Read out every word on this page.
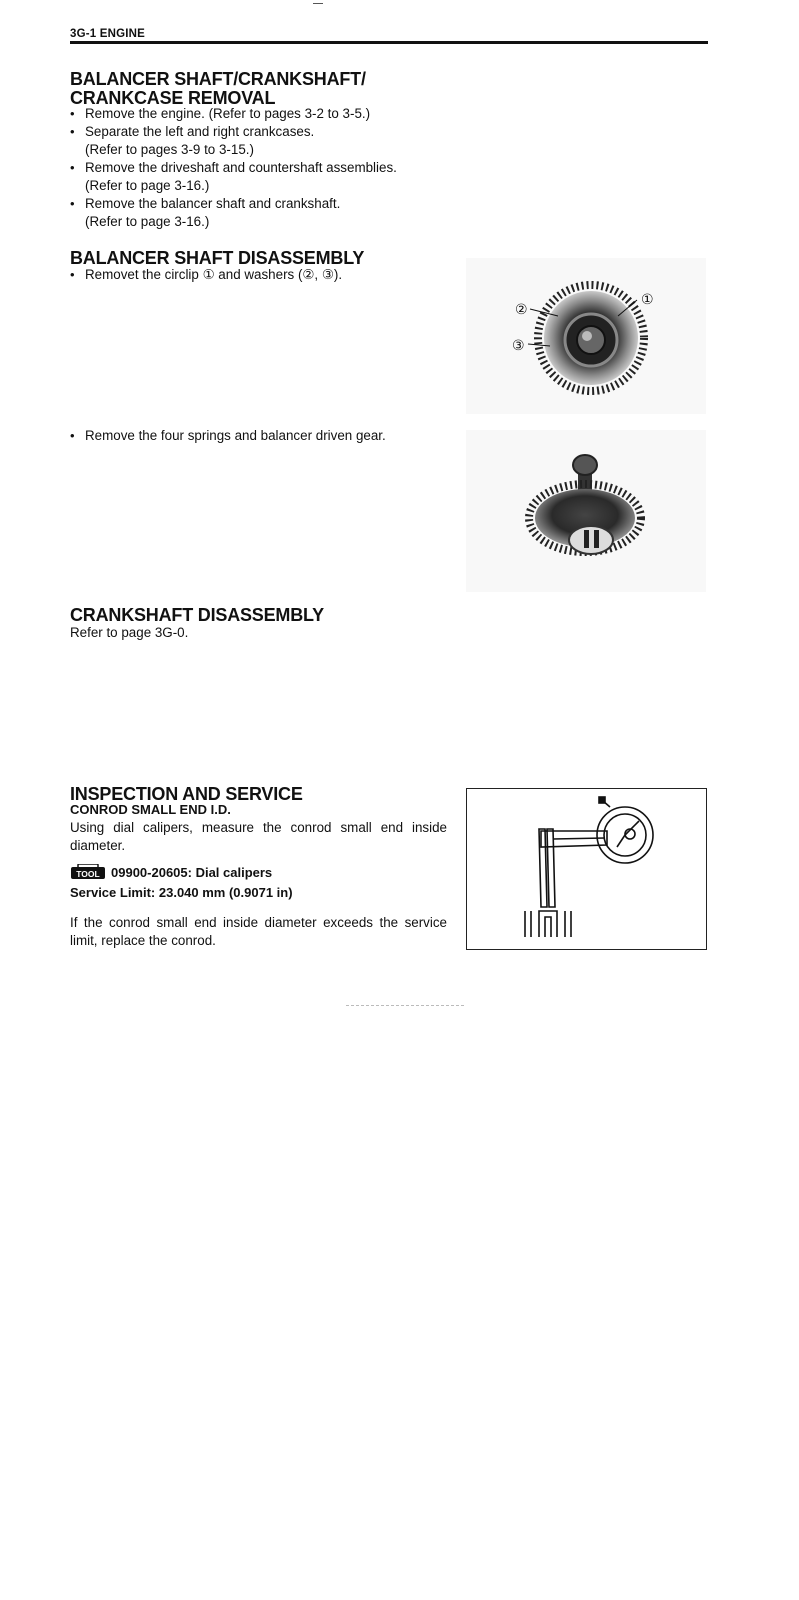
3G-1 ENGINE
BALANCER SHAFT/CRANKSHAFT/
CRANKCASE REMOVAL
• Remove the engine. (Refer to pages 3-2 to 3-5.)
• Separate the left and right crankcases.
(Refer to pages 3-9 to 3-15.)
• Remove the driveshaft and countershaft assemblies.
(Refer to page 3-16.)
• Remove the balancer shaft and crankshaft.
(Refer to page 3-16.)
BALANCER SHAFT DISASSEMBLY
• Removet the circlip ① and washers (②, ③).
①
②
③
• Remove the four springs and balancer driven gear.
CRANKSHAFT DISASSEMBLY
Refer to page 3G-0.
INSPECTION AND SERVICE
CONROD SMALL END I.D.
Using dial calipers, measure the conrod small end inside diameter.
TOOL 09900-20605: Dial calipers
Service Limit: 23.040 mm (0.9071 in)
If the conrod small end inside diameter exceeds the service limit, replace the conrod.
